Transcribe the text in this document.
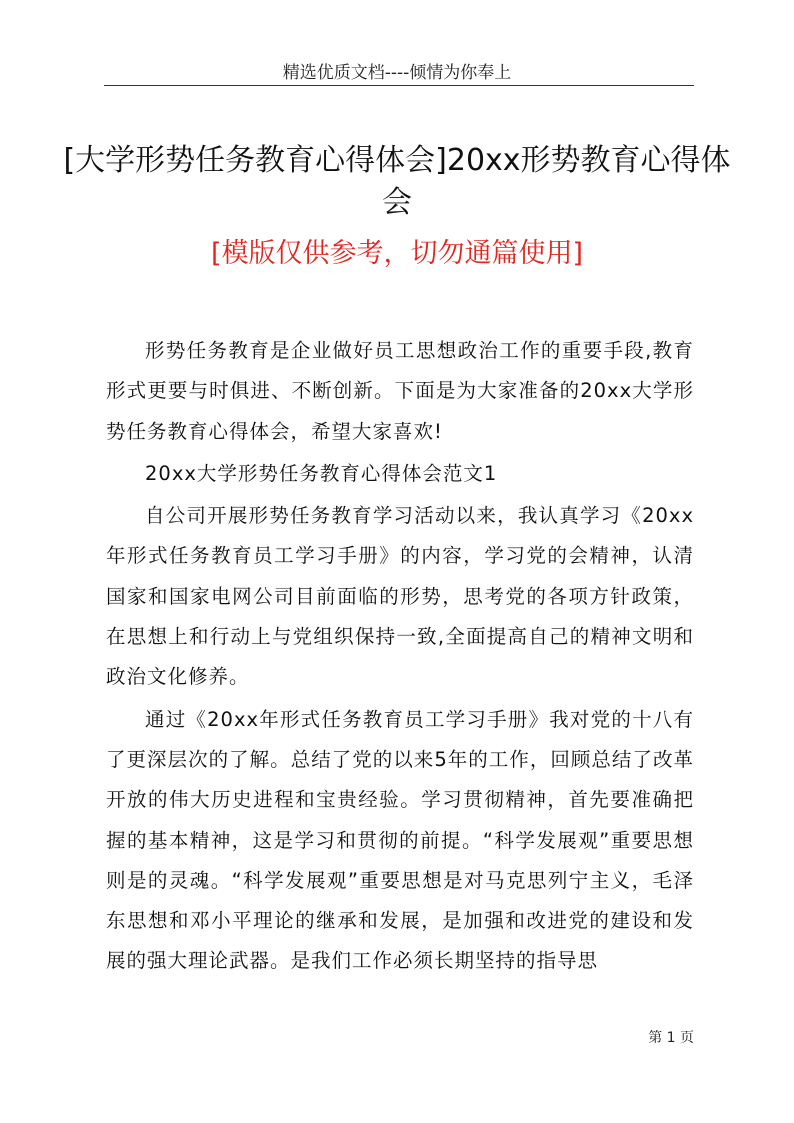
精选优质文档----倾情为你奉上
[大学形势任务教育心得体会]20xx形势教育心得体会
[模版仅供参考，切勿通篇使用]

形势任务教育是企业做好员工思想政治工作的重要手段,教育形式更要与时俱进、不断创新。下面是为大家准备的20xx大学形势任务教育心得体会，希望大家喜欢!

20xx大学形势任务教育心得体会范文1

自公司开展形势任务教育学习活动以来，我认真学习《20xx年形式任务教育员工学习手册》的内容，学习党的会精神，认清国家和国家电网公司目前面临的形势，思考党的各项方针政策，在思想上和行动上与党组织保持一致,全面提高自己的精神文明和政治文化修养。

通过《20xx年形式任务教育员工学习手册》我对党的十八有了更深层次的了解。总结了党的以来5年的工作，回顾总结了改革开放的伟大历史进程和宝贵经验。学习贯彻精神，首先要准确把握的基本精神，这是学习和贯彻的前提。“科学发展观”重要思想则是的灵魂。“科学发展观”重要思想是对马克思列宁主义，毛泽东思想和邓小平理论的继承和发展，是加强和改进党的建设和发展的强大理论武器。是我们工作必须长期坚持的指导思

第 1 页
